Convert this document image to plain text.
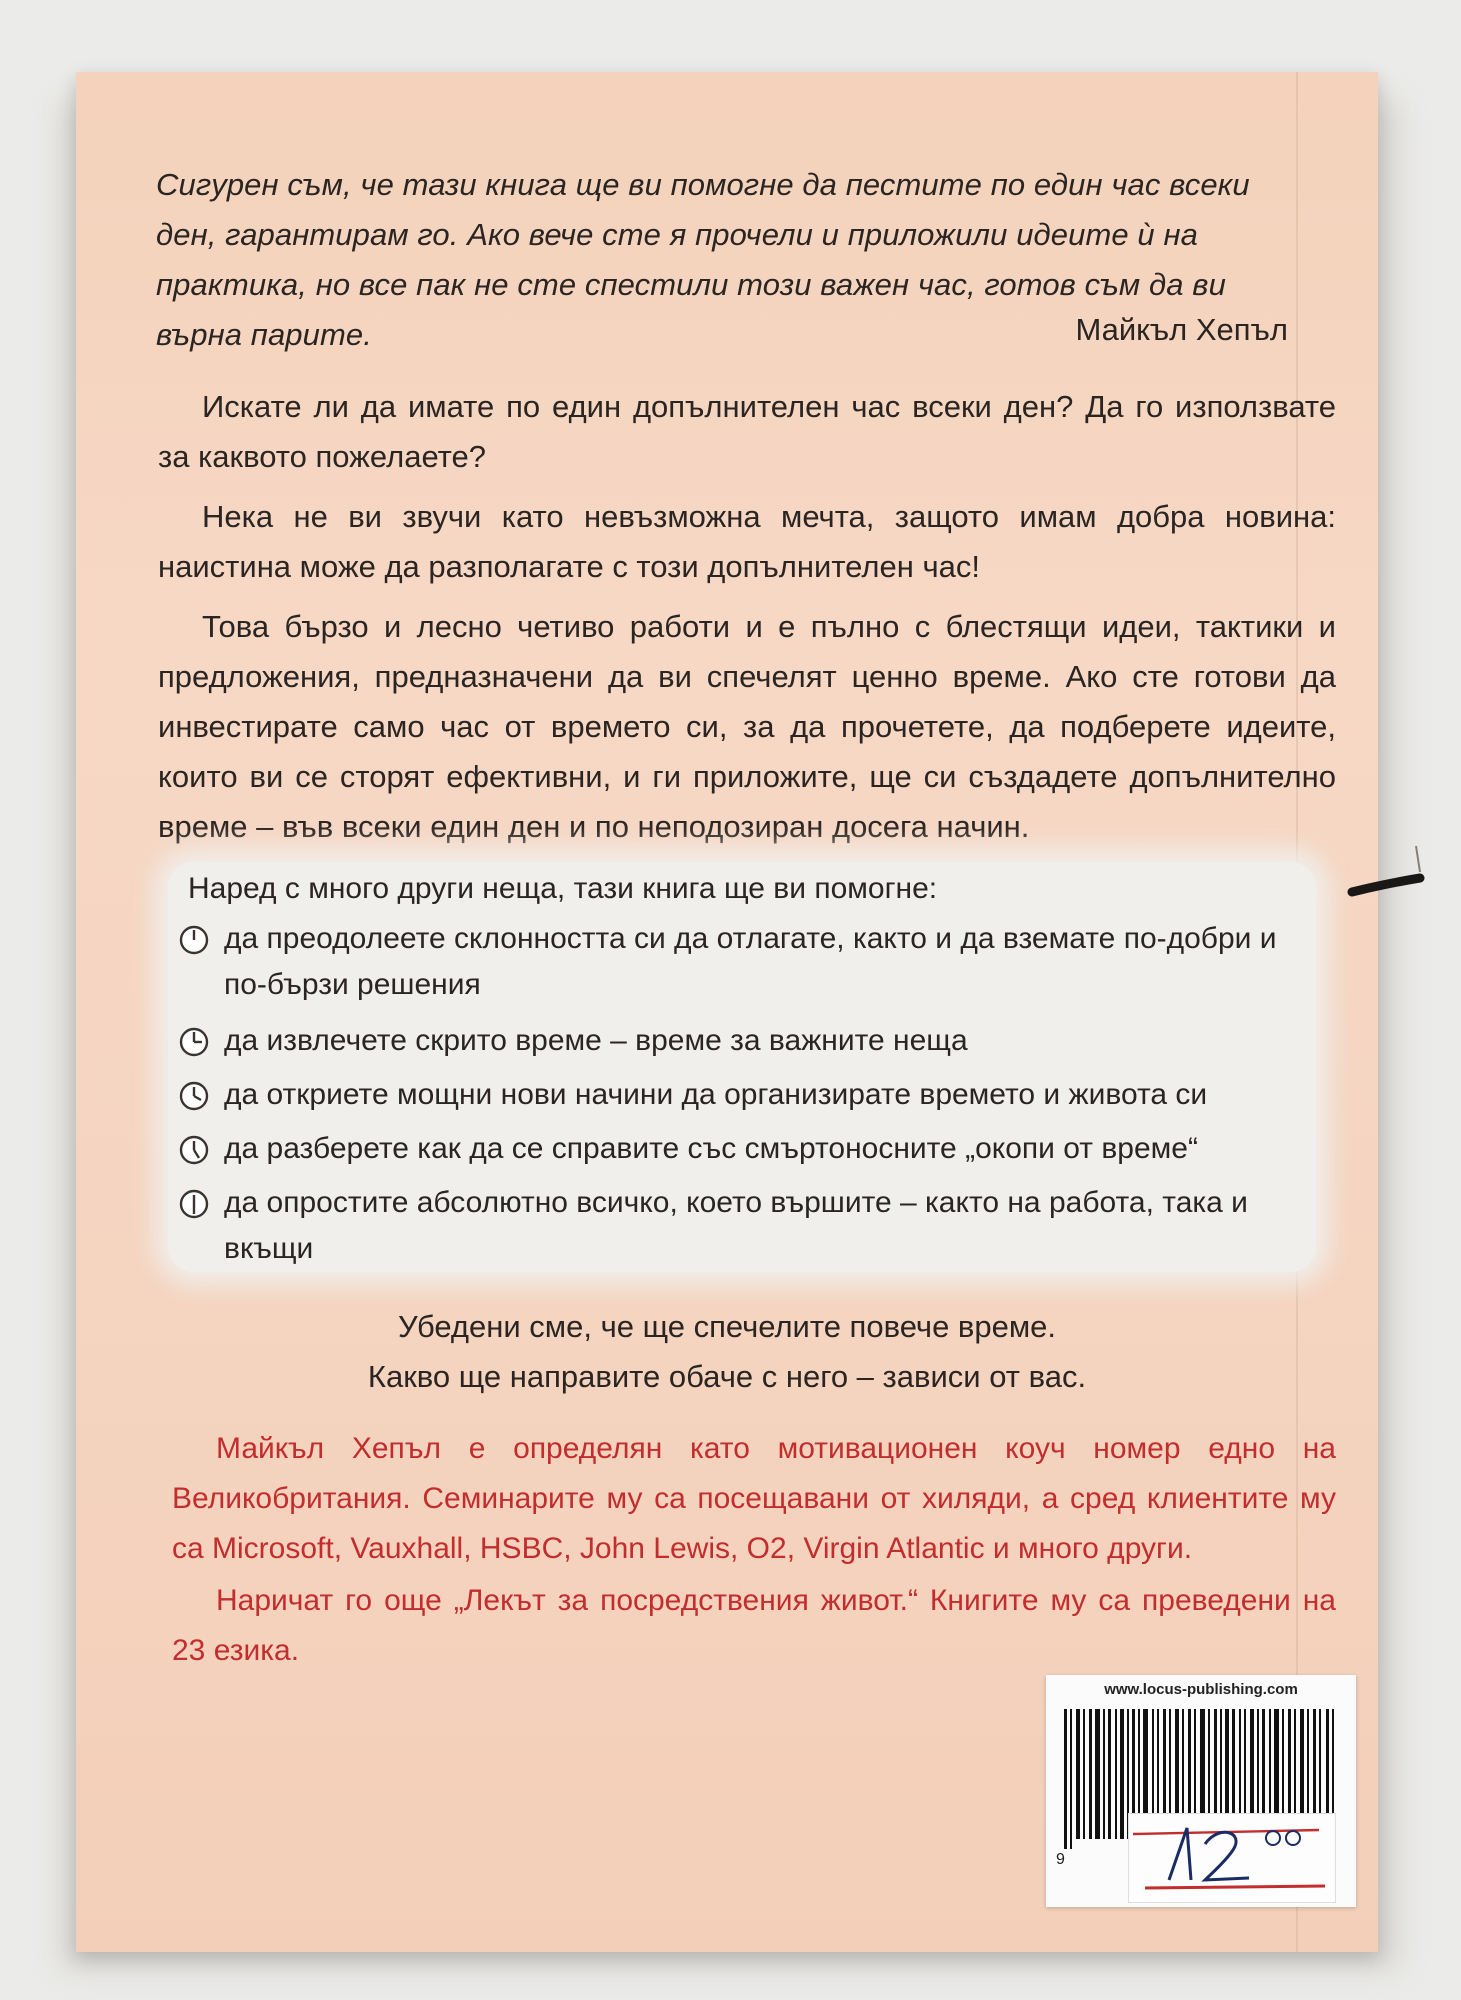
Сигурен съм, че тази книга ще ви помогне да пестите по един час всеки ден, гарантирам го. Ако вече сте я прочели и приложили идеите ѝ на практика, но все пак не сте спестили този важен час, готов съм да ви върна парите.	Майкъл Хепъл
Искате ли да имате по един допълнителен час всеки ден? Да го използвате за каквото пожелаете?
Нека не ви звучи като невъзможна мечта, защото имам добра новина: наистина може да разполагате с този допълнителен час!
Това бързо и лесно четиво работи и е пълно с блестящи идеи, тактики и предложения, предназначени да ви спечелят ценно време. Ако сте готови да инвестирате само час от времето си, за да прочетете, да подберете идеите, които ви се сторят ефективни, и ги приложите, ще си създадете допълнително време – във всеки един ден и по неподозиран досега начин.
Наред с много други неща, тази книга ще ви помогне:
да преодолеете склонността си да отлагате, както и да вземате по-добри и по-бързи решения
да извлечете скрито време – време за важните неща
да откриете мощни нови начини да организирате времето и живота си
да разберете как да се справите със смъртоносните „окопи от време“
да опростите абсолютно всичко, което вършите – както на работа, така и вкъщи
Убедени сме, че ще спечелите повече време.
Какво ще направите обаче с него – зависи от вас.
Майкъл Хепъл е определян като мотивационен коуч номер едно на Великобритания. Семинарите му са посещавани от хиляди, а сред клиентите му са Microsoft, Vauxhall, HSBC, John Lewis, O2, Virgin Atlantic и много други.
Наричат го още „Лекът за посредствения живот.“ Книгите му са преведени на 23 езика.
www.locus-publishing.com
9
